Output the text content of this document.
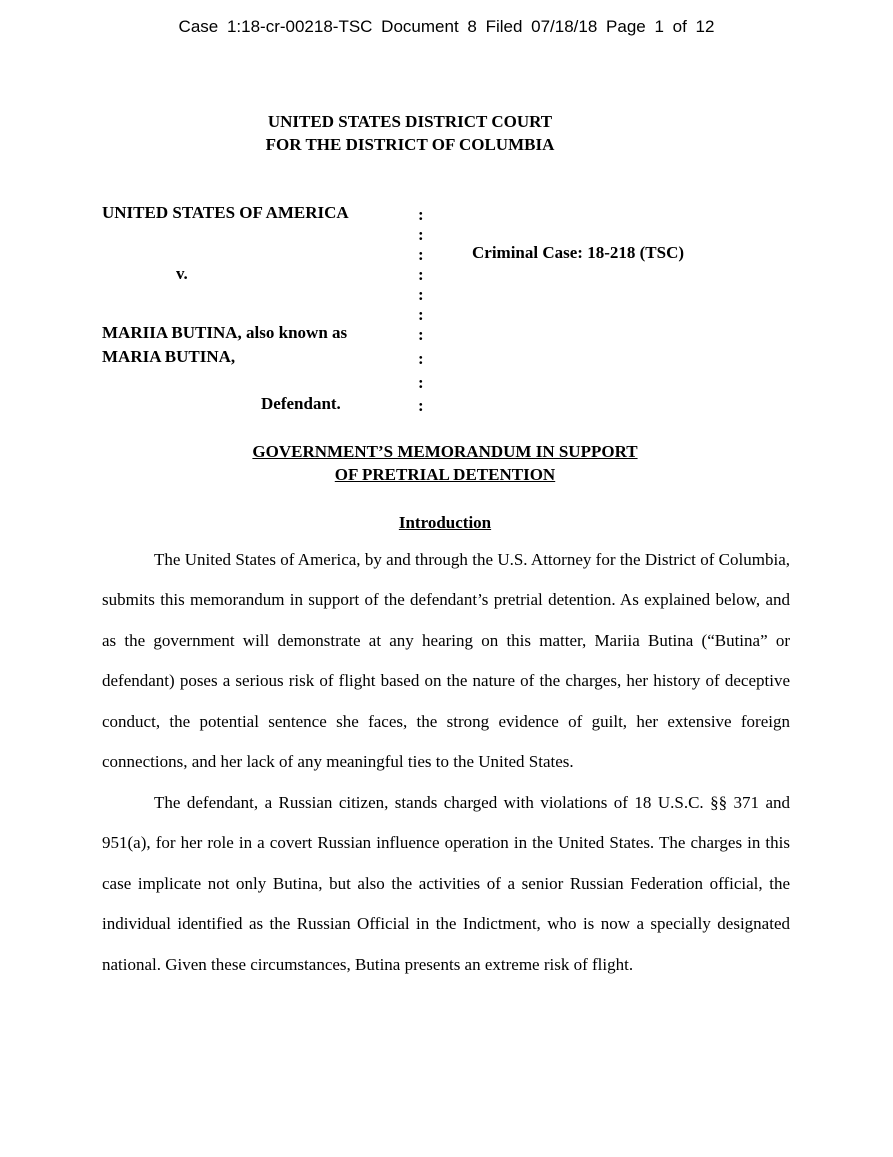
Case 1:18-cr-00218-TSC Document 8 Filed 07/18/18 Page 1 of 12
UNITED STATES DISTRICT COURT
FOR THE DISTRICT OF COLUMBIA
UNITED STATES OF AMERICA
v.
MARIIA BUTINA, also known as
MARIA BUTINA,
Defendant.
Criminal Case: 18-218 (TSC)
:
:
:
:
:
:
:
:
:
:
GOVERNMENT’S MEMORANDUM IN SUPPORT
OF PRETRIAL DETENTION
Introduction

The United States of America, by and through the U.S. Attorney for the District of Columbia, submits this memorandum in support of the defendant’s pretrial detention. As explained below, and as the government will demonstrate at any hearing on this matter, Mariia Butina (“Butina” or defendant) poses a serious risk of flight based on the nature of the charges, her history of deceptive conduct, the potential sentence she faces, the strong evidence of guilt, her extensive foreign connections, and her lack of any meaningful ties to the United States.

The defendant, a Russian citizen, stands charged with violations of 18 U.S.C. §§ 371 and 951(a), for her role in a covert Russian influence operation in the United States. The charges in this case implicate not only Butina, but also the activities of a senior Russian Federation official, the individual identified as the Russian Official in the Indictment, who is now a specially designated national. Given these circumstances, Butina presents an extreme risk of flight.
